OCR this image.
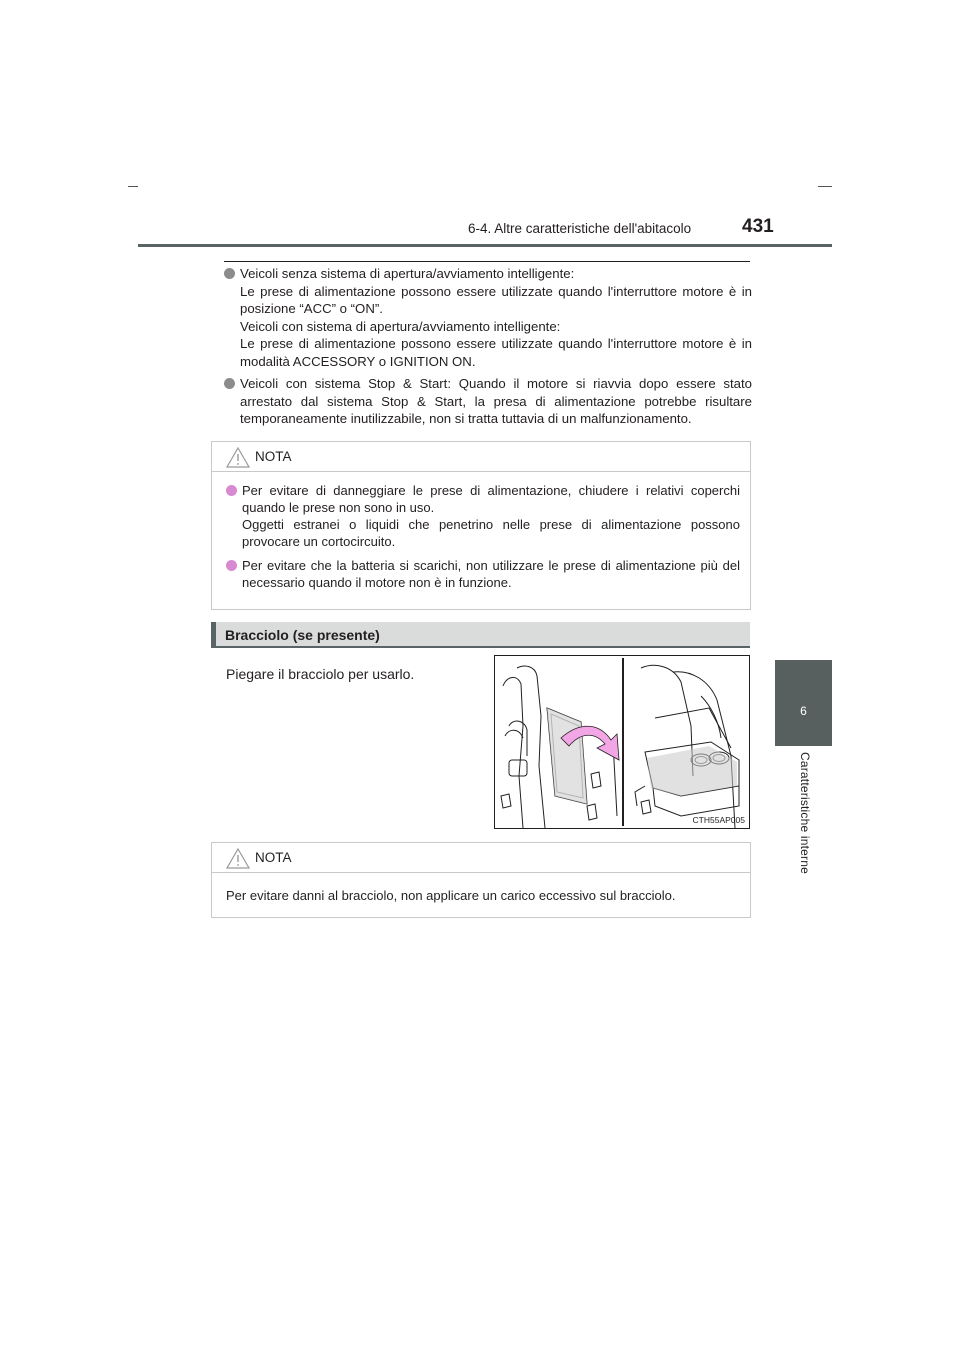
6-4. Altre caratteristiche dell'abitacolo	431
6
Caratteristiche interne

Veicoli senza sistema di apertura/avviamento intelligente:

Le prese di alimentazione possono essere utilizzate quando l'interruttore motore è in posizione “ACC” o “ON”.

Veicoli con sistema di apertura/avviamento intelligente:

Le prese di alimentazione possono essere utilizzate quando l'interruttore motore è in modalità ACCESSORY o IGNITION ON.

Veicoli con sistema Stop & Start: Quando il motore si riavvia dopo essere stato arrestato dal sistema Stop & Start, la presa di alimentazione potrebbe risultare temporaneamente inutilizzabile, non si tratta tuttavia di un malfunzionamento.

NOTA

Per evitare di danneggiare le prese di alimentazione, chiudere i relativi coperchi quando le prese non sono in uso.

Oggetti estranei o liquidi che penetrino nelle prese di alimentazione possono provocare un cortocircuito.

Per evitare che la batteria si scarichi, non utilizzare le prese di alimentazione più del necessario quando il motore non è in funzione.

Bracciolo (se presente)
Piegare il bracciolo per usarlo.
CTH55AP005
NOTA

Per evitare danni al bracciolo, non applicare un carico eccessivo sul bracciolo.
